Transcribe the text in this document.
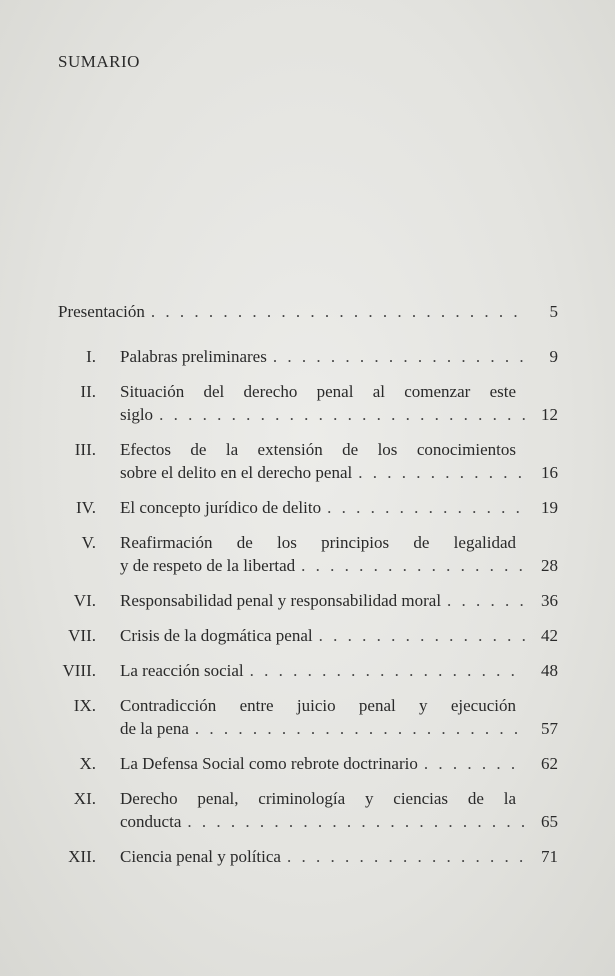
SUMARIO
Presentación . . .	5
I. Palabras preliminares . . .	9
II. Situación del derecho penal al comenzar este
siglo . . .	12
III. Efectos de la extensión de los conocimientos
sobre el delito en el derecho penal . . .	16
IV. El concepto jurídico de delito . . .	19
V. Reafirmación de los principios de legalidad
y de respeto de la libertad . . .	28
VI. Responsabilidad penal y responsabilidad moral . . .	36
VII. Crisis de la dogmática penal . . .	42
VIII. La reacción social . . .	48
IX. Contradicción entre juicio penal y ejecución
de la pena . . .	57
X. La Defensa Social como rebrote doctrinario . . .	62
XI. Derecho penal, criminología y ciencias de la
conducta . . .	65
XII. Ciencia penal y política . . .	71
